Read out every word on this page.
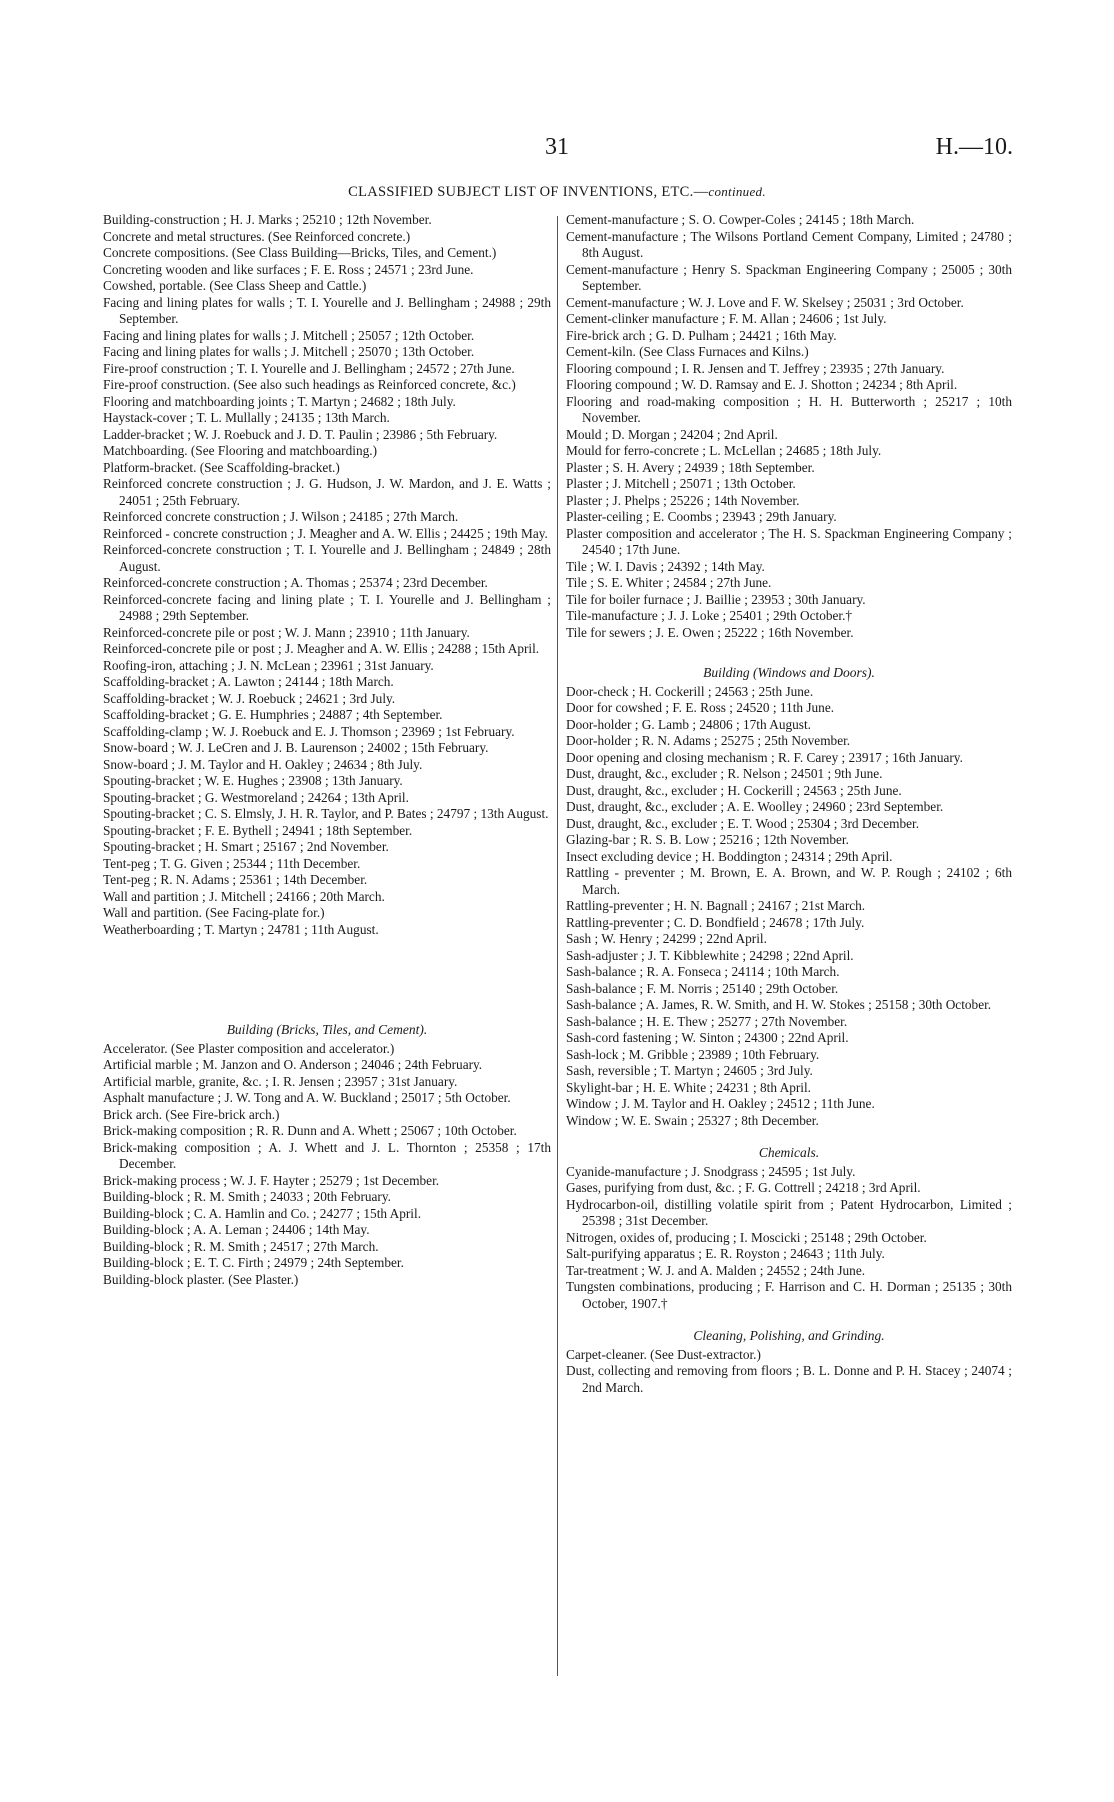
31	H.—10.
CLASSIFIED SUBJECT LIST OF INVENTIONS, ETC.—continued.
Building-construction ; H. J. Marks ; 25210 ; 12th November.
Concrete and metal structures. (See Reinforced concrete.)
Concrete compositions. (See Class Building—Bricks, Tiles, and Cement.)
Concreting wooden and like surfaces ; F. E. Ross ; 24571 ; 23rd June.
Cowshed, portable. (See Class Sheep and Cattle.)
Facing and lining plates for walls ; T. I. Yourelle and J. Bellingham ; 24988 ; 29th September.
Facing and lining plates for walls ; J. Mitchell ; 25057 ; 12th October.
Facing and lining plates for walls ; J. Mitchell ; 25070 ; 13th October.
Fire-proof construction ; T. I. Yourelle and J. Bellingham ; 24572 ; 27th June.
Fire-proof construction. (See also such headings as Reinforced concrete, &c.)
Flooring and matchboarding joints ; T. Martyn ; 24682 ; 18th July.
Haystack-cover ; T. L. Mullally ; 24135 ; 13th March.
Ladder-bracket ; W. J. Roebuck and J. D. T. Paulin ; 23986 ; 5th February.
Matchboarding. (See Flooring and matchboarding.)
Platform-bracket. (See Scaffolding-bracket.)
Reinforced concrete construction ; J. G. Hudson, J. W. Mardon, and J. E. Watts ; 24051 ; 25th February.
Reinforced concrete construction ; J. Wilson ; 24185 ; 27th March.
Reinforced - concrete construction ; J. Meagher and A. W. Ellis ; 24425 ; 19th May.
Reinforced-concrete construction ; T. I. Yourelle and J. Bellingham ; 24849 ; 28th August.
Reinforced-concrete construction ; A. Thomas ; 25374 ; 23rd December.
Reinforced-concrete facing and lining plate ; T. I. Yourelle and J. Bellingham ; 24988 ; 29th September.
Reinforced-concrete pile or post ; W. J. Mann ; 23910 ; 11th January.
Reinforced-concrete pile or post ; J. Meagher and A. W. Ellis ; 24288 ; 15th April.
Roofing-iron, attaching ; J. N. McLean ; 23961 ; 31st January.
Scaffolding-bracket ; A. Lawton ; 24144 ; 18th March.
Scaffolding-bracket ; W. J. Roebuck ; 24621 ; 3rd July.
Scaffolding-bracket ; G. E. Humphries ; 24887 ; 4th September.
Scaffolding-clamp ; W. J. Roebuck and E. J. Thomson ; 23969 ; 1st February.
Snow-board ; W. J. LeCren and J. B. Laurenson ; 24002 ; 15th February.
Snow-board ; J. M. Taylor and H. Oakley ; 24634 ; 8th July.
Spouting-bracket ; W. E. Hughes ; 23908 ; 13th January.
Spouting-bracket ; G. Westmoreland ; 24264 ; 13th April.
Spouting-bracket ; C. S. Elmsly, J. H. R. Taylor, and P. Bates ; 24797 ; 13th August.
Spouting-bracket ; F. E. Bythell ; 24941 ; 18th September.
Spouting-bracket ; H. Smart ; 25167 ; 2nd November.
Tent-peg ; T. G. Given ; 25344 ; 11th December.
Tent-peg ; R. N. Adams ; 25361 ; 14th December.
Wall and partition ; J. Mitchell ; 24166 ; 20th March.
Wall and partition. (See Facing-plate for.)
Weatherboarding ; T. Martyn ; 24781 ; 11th August.
Building (Bricks, Tiles, and Cement).
Accelerator. (See Plaster composition and accelerator.)
Artificial marble ; M. Janzon and O. Anderson ; 24046 ; 24th February.
Artificial marble, granite, &c. ; I. R. Jensen ; 23957 ; 31st January.
Asphalt manufacture ; J. W. Tong and A. W. Buckland ; 25017 ; 5th October.
Brick arch. (See Fire-brick arch.)
Brick-making composition ; R. R. Dunn and A. Whett ; 25067 ; 10th October.
Brick-making composition ; A. J. Whett and J. L. Thornton ; 25358 ; 17th December.
Brick-making process ; W. J. F. Hayter ; 25279 ; 1st December.
Building-block ; R. M. Smith ; 24033 ; 20th February.
Building-block ; C. A. Hamlin and Co. ; 24277 ; 15th April.
Building-block ; A. A. Leman ; 24406 ; 14th May.
Building-block ; R. M. Smith ; 24517 ; 27th March.
Building-block ; E. T. C. Firth ; 24979 ; 24th September.
Building-block plaster. (See Plaster.)
Cement-manufacture ; S. O. Cowper-Coles ; 24145 ; 18th March.
Cement-manufacture ; The Wilsons Portland Cement Company, Limited ; 24780 ; 8th August.
Cement-manufacture ; Henry S. Spackman Engineering Company ; 25005 ; 30th September.
Cement-manufacture ; W. J. Love and F. W. Skelsey ; 25031 ; 3rd October.
Cement-clinker manufacture ; F. M. Allan ; 24606 ; 1st July.
Fire-brick arch ; G. D. Pulham ; 24421 ; 16th May.
Cement-kiln. (See Class Furnaces and Kilns.)
Flooring compound ; I. R. Jensen and T. Jeffrey ; 23935 ; 27th January.
Flooring compound ; W. D. Ramsay and E. J. Shotton ; 24234 ; 8th April.
Flooring and road-making composition ; H. H. Butterworth ; 25217 ; 10th November.
Mould ; D. Morgan ; 24204 ; 2nd April.
Mould for ferro-concrete ; L. McLellan ; 24685 ; 18th July.
Plaster ; S. H. Avery ; 24939 ; 18th September.
Plaster ; J. Mitchell ; 25071 ; 13th October.
Plaster ; J. Phelps ; 25226 ; 14th November.
Plaster-ceiling ; E. Coombs ; 23943 ; 29th January.
Plaster composition and accelerator ; The H. S. Spackman Engineering Company ; 24540 ; 17th June.
Tile ; W. I. Davis ; 24392 ; 14th May.
Tile ; S. E. Whiter ; 24584 ; 27th June.
Tile for boiler furnace ; J. Baillie ; 23953 ; 30th January.
Tile-manufacture ; J. J. Loke ; 25401 ; 29th October.†
Tile for sewers ; J. E. Owen ; 25222 ; 16th November.
Building (Windows and Doors).
Door-check ; H. Cockerill ; 24563 ; 25th June.
Door for cowshed ; F. E. Ross ; 24520 ; 11th June.
Door-holder ; G. Lamb ; 24806 ; 17th August.
Door-holder ; R. N. Adams ; 25275 ; 25th November.
Door opening and closing mechanism ; R. F. Carey ; 23917 ; 16th January.
Dust, draught, &c., excluder ; R. Nelson ; 24501 ; 9th June.
Dust, draught, &c., excluder ; H. Cockerill ; 24563 ; 25th June.
Dust, draught, &c., excluder ; A. E. Woolley ; 24960 ; 23rd September.
Dust, draught, &c., excluder ; E. T. Wood ; 25304 ; 3rd December.
Glazing-bar ; R. S. B. Low ; 25216 ; 12th November.
Insect excluding device ; H. Boddington ; 24314 ; 29th April.
Rattling - preventer ; M. Brown, E. A. Brown, and W. P. Rough ; 24102 ; 6th March.
Rattling-preventer ; H. N. Bagnall ; 24167 ; 21st March.
Rattling-preventer ; C. D. Bondfield ; 24678 ; 17th July.
Sash ; W. Henry ; 24299 ; 22nd April.
Sash-adjuster ; J. T. Kibblewhite ; 24298 ; 22nd April.
Sash-balance ; R. A. Fonseca ; 24114 ; 10th March.
Sash-balance ; F. M. Norris ; 25140 ; 29th October.
Sash-balance ; A. James, R. W. Smith, and H. W. Stokes ; 25158 ; 30th October.
Sash-balance ; H. E. Thew ; 25277 ; 27th November.
Sash-cord fastening ; W. Sinton ; 24300 ; 22nd April.
Sash-lock ; M. Gribble ; 23989 ; 10th February.
Sash, reversible ; T. Martyn ; 24605 ; 3rd July.
Skylight-bar ; H. E. White ; 24231 ; 8th April.
Window ; J. M. Taylor and H. Oakley ; 24512 ; 11th June.
Window ; W. E. Swain ; 25327 ; 8th December.
Chemicals.
Cyanide-manufacture ; J. Snodgrass ; 24595 ; 1st July.
Gases, purifying from dust, &c. ; F. G. Cottrell ; 24218 ; 3rd April.
Hydrocarbon-oil, distilling volatile spirit from ; Patent Hydrocarbon, Limited ; 25398 ; 31st December.
Nitrogen, oxides of, producing ; I. Moscicki ; 25148 ; 29th October.
Salt-purifying apparatus ; E. R. Royston ; 24643 ; 11th July.
Tar-treatment ; W. J. and A. Malden ; 24552 ; 24th June.
Tungsten combinations, producing ; F. Harrison and C. H. Dorman ; 25135 ; 30th October, 1907.†
Cleaning, Polishing, and Grinding.
Carpet-cleaner. (See Dust-extractor.)
Dust, collecting and removing from floors ; B. L. Donne and P. H. Stacey ; 24074 ; 2nd March.
